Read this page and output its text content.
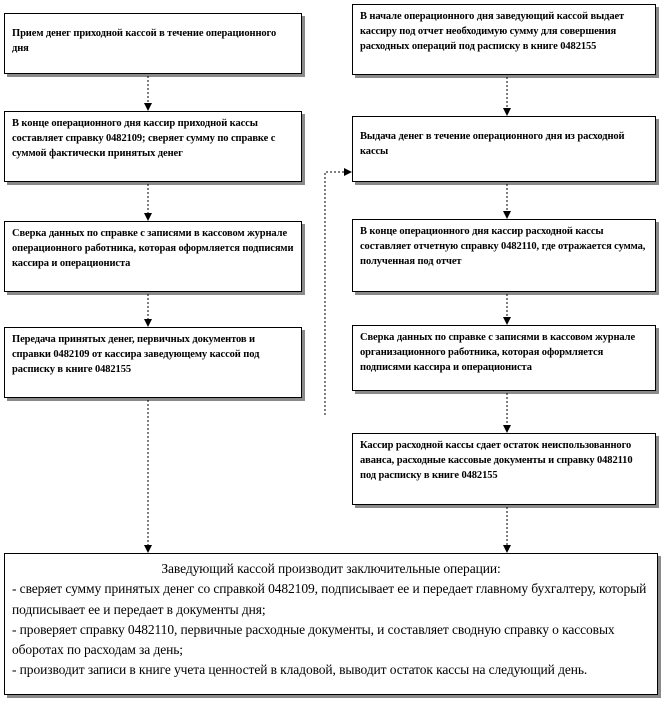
Прием денег приходной кассой в течение операционного дня
В конце операционного дня кассир приходной кассы составляет справку 0482109; сверяет сумму по справке с суммой фактически принятых денег
Сверка данных по справке с записями в кассовом журнале операционного работника, которая оформляется подписями кассира и операциониста
Передача принятых денег, первичных документов и справки 0482109 от кассира заведующему кассой под расписку в книге 0482155
В начале операционного дня заведующий кассой выдает кассиру под отчет необходимую сумму для совершения расходных операций под расписку в книге 0482155
Выдача денег в течение операционного дня из расходной кассы
В конце операционного дня кассир расходной кассы составляет отчетную справку 0482110, где отражается сумма, полученная под отчет
Сверка данных по справке с записями в кассовом журнале организационного работника, которая оформляется подписями кассира и операциониста
Кассир расходной кассы сдает остаток неиспользованного аванса, расходные кассовые документы и справку 0482110 под расписку в книге 0482155
Заведующий кассой производит заключительные операции:
- сверяет сумму принятых денег со справкой 0482109, подписывает ее и передает главному бухгалтеру, который подписывает ее и передает в документы дня;
- проверяет справку 0482110, первичные расходные документы, и составляет сводную справку о кассовых оборотах по расходам за день;
- производит записи в книге учета ценностей в кладовой, выводит остаток кассы на следующий день.
